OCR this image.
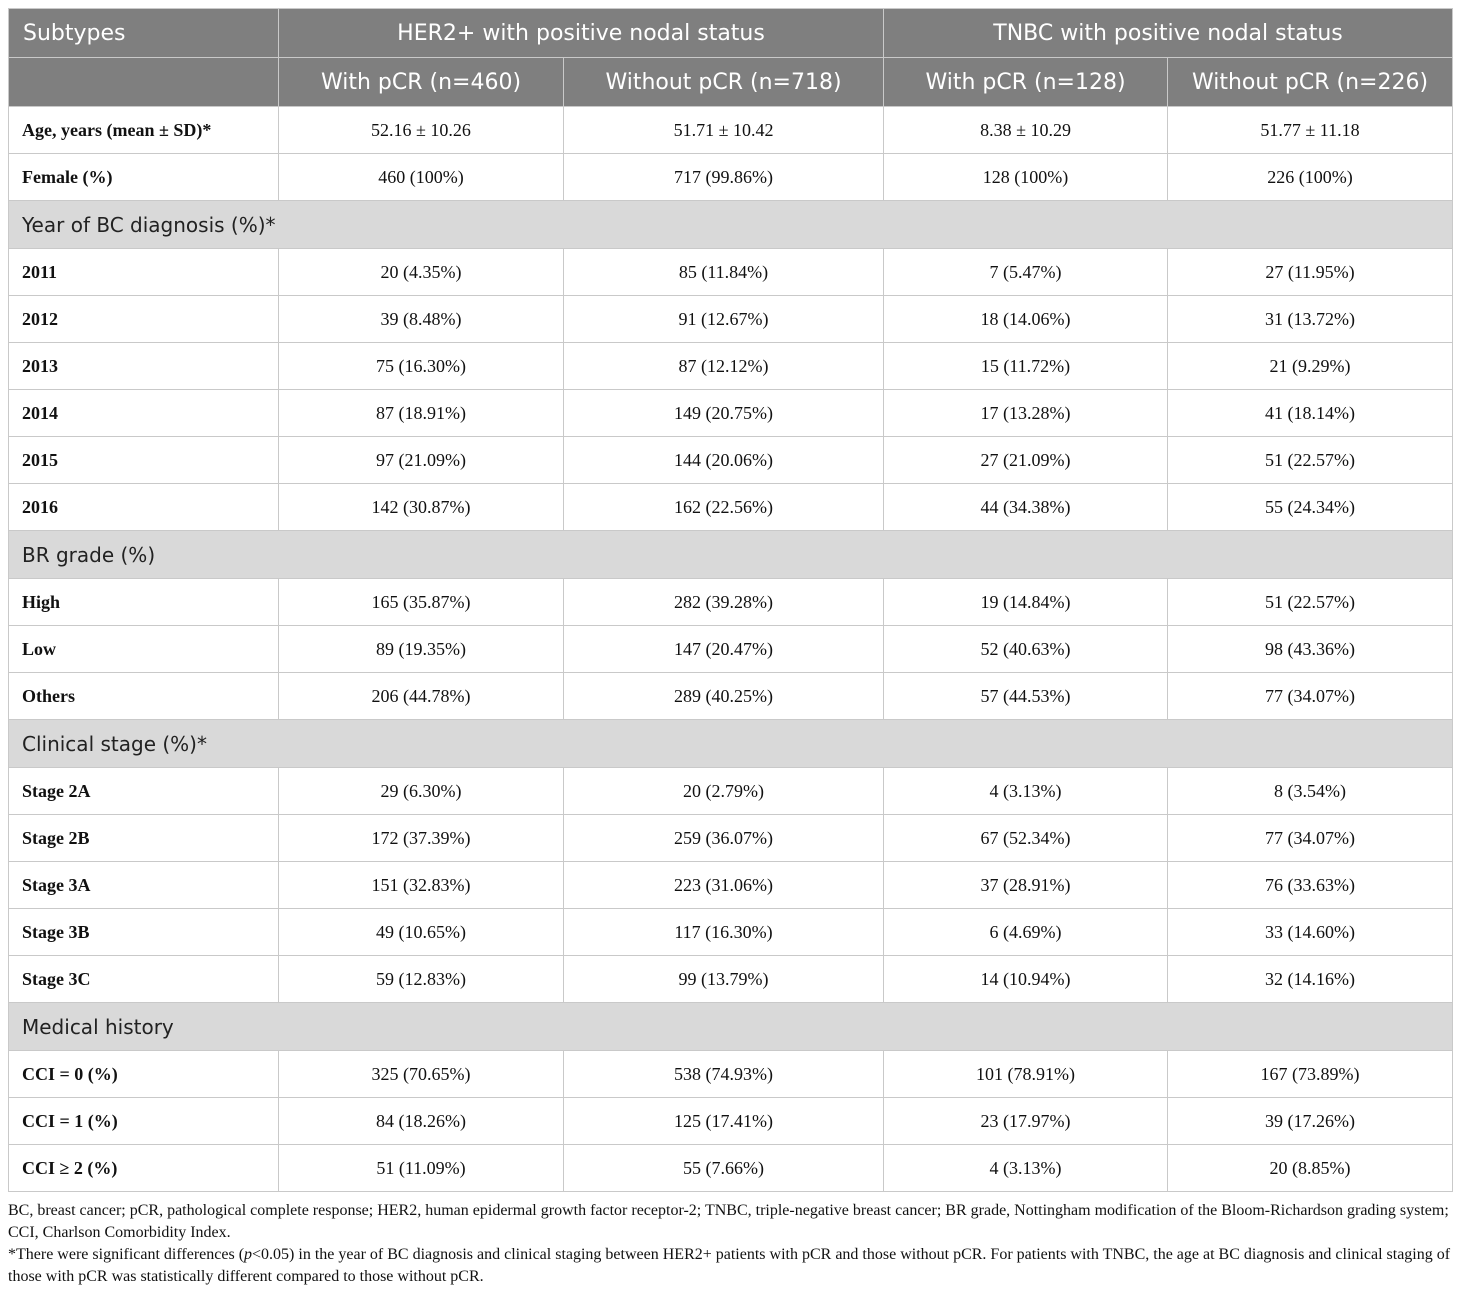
Subtypes	HER2+ with positive nodal status		TNBC with positive nodal status	
	With pCR (n=460)	Without pCR (n=718)	With pCR (n=128)	Without pCR (n=226)
Age, years (mean ± SD)*	52.16 ± 10.26	51.71 ± 10.42	8.38 ± 10.29	51.77 ± 11.18
Female (%)	460 (100%)	717 (99.86%)	128 (100%)	226 (100%)
Year of BC diagnosis (%)*				
2011	20 (4.35%)	85 (11.84%)	7 (5.47%)	27 (11.95%)
2012	39 (8.48%)	91 (12.67%)	18 (14.06%)	31 (13.72%)
2013	75 (16.30%)	87 (12.12%)	15 (11.72%)	21 (9.29%)
2014	87 (18.91%)	149 (20.75%)	17 (13.28%)	41 (18.14%)
2015	97 (21.09%)	144 (20.06%)	27 (21.09%)	51 (22.57%)
2016	142 (30.87%)	162 (22.56%)	44 (34.38%)	55 (24.34%)
BR grade (%)				
High	165 (35.87%)	282 (39.28%)	19 (14.84%)	51 (22.57%)
Low	89 (19.35%)	147 (20.47%)	52 (40.63%)	98 (43.36%)
Others	206 (44.78%)	289 (40.25%)	57 (44.53%)	77 (34.07%)
Clinical stage (%)*				
Stage 2A	29 (6.30%)	20 (2.79%)	4 (3.13%)	8 (3.54%)
Stage 2B	172 (37.39%)	259 (36.07%)	67 (52.34%)	77 (34.07%)
Stage 3A	151 (32.83%)	223 (31.06%)	37 (28.91%)	76 (33.63%)
Stage 3B	49 (10.65%)	117 (16.30%)	6 (4.69%)	33 (14.60%)
Stage 3C	59 (12.83%)	99 (13.79%)	14 (10.94%)	32 (14.16%)
Medical history				
CCI = 0 (%)	325 (70.65%)	538 (74.93%)	101 (78.91%)	167 (73.89%)
CCI = 1 (%)	84 (18.26%)	125 (17.41%)	23 (17.97%)	39 (17.26%)
CCI ≥ 2 (%)	51 (11.09%)	55 (7.66%)	4 (3.13%)	20 (8.85%)

BC, breast cancer; pCR, pathological complete response; HER2, human epidermal growth factor receptor-2; TNBC, triple-negative breast cancer; BR grade, Nottingham modification of the Bloom-Richardson grading system; CCI, Charlson Comorbidity Index.

*There were significant differences (p<0.05) in the year of BC diagnosis and clinical staging between HER2+ patients with pCR and those without pCR. For patients with TNBC, the age at BC diagnosis and clinical staging of those with pCR was statistically different compared to those without pCR.
